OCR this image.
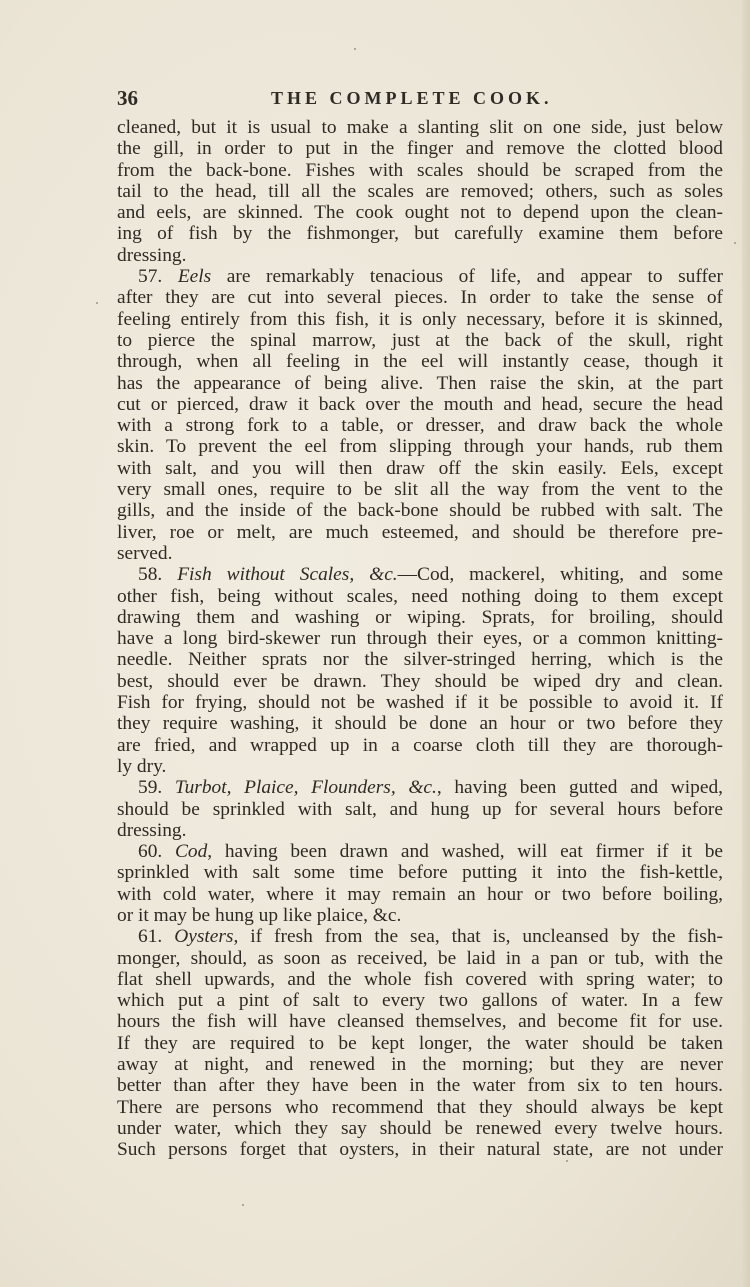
36	THE COMPLETE COOK.
cleaned, but it is usual to make a slanting slit on one side, just below
the gill, in order to put in the finger and remove the clotted blood
from the back-bone. Fishes with scales should be scraped from the
tail to the head, till all the scales are removed; others, such as soles
and eels, are skinned. The cook ought not to depend upon the clean-
ing of fish by the fishmonger, but carefully examine them before
dressing.
57. Eels are remarkably tenacious of life, and appear to suffer
after they are cut into several pieces. In order to take the sense of
feeling entirely from this fish, it is only necessary, before it is skinned,
to pierce the spinal marrow, just at the back of the skull, right
through, when all feeling in the eel will instantly cease, though it
has the appearance of being alive. Then raise the skin, at the part
cut or pierced, draw it back over the mouth and head, secure the head
with a strong fork to a table, or dresser, and draw back the whole
skin. To prevent the eel from slipping through your hands, rub them
with salt, and you will then draw off the skin easily. Eels, except
very small ones, require to be slit all the way from the vent to the
gills, and the inside of the back-bone should be rubbed with salt. The
liver, roe or melt, are much esteemed, and should be therefore pre-
served.
58. Fish without Scales, &c.—Cod, mackerel, whiting, and some
other fish, being without scales, need nothing doing to them except
drawing them and washing or wiping. Sprats, for broiling, should
have a long bird-skewer run through their eyes, or a common knitting-
needle. Neither sprats nor the silver-stringed herring, which is the
best, should ever be drawn. They should be wiped dry and clean.
Fish for frying, should not be washed if it be possible to avoid it. If
they require washing, it should be done an hour or two before they
are fried, and wrapped up in a coarse cloth till they are thorough-
ly dry.
59. Turbot, Plaice, Flounders, &c., having been gutted and wiped,
should be sprinkled with salt, and hung up for several hours before
dressing.
60. Cod, having been drawn and washed, will eat firmer if it be
sprinkled with salt some time before putting it into the fish-kettle,
with cold water, where it may remain an hour or two before boiling,
or it may be hung up like plaice, &c.
61. Oysters, if fresh from the sea, that is, uncleansed by the fish-
monger, should, as soon as received, be laid in a pan or tub, with the
flat shell upwards, and the whole fish covered with spring water; to
which put a pint of salt to every two gallons of water. In a few
hours the fish will have cleansed themselves, and become fit for use.
If they are required to be kept longer, the water should be taken
away at night, and renewed in the morning; but they are never
better than after they have been in the water from six to ten hours.
There are persons who recommend that they should always be kept
under water, which they say should be renewed every twelve hours.
Such persons forget that oysters, in their natural state, are not under
